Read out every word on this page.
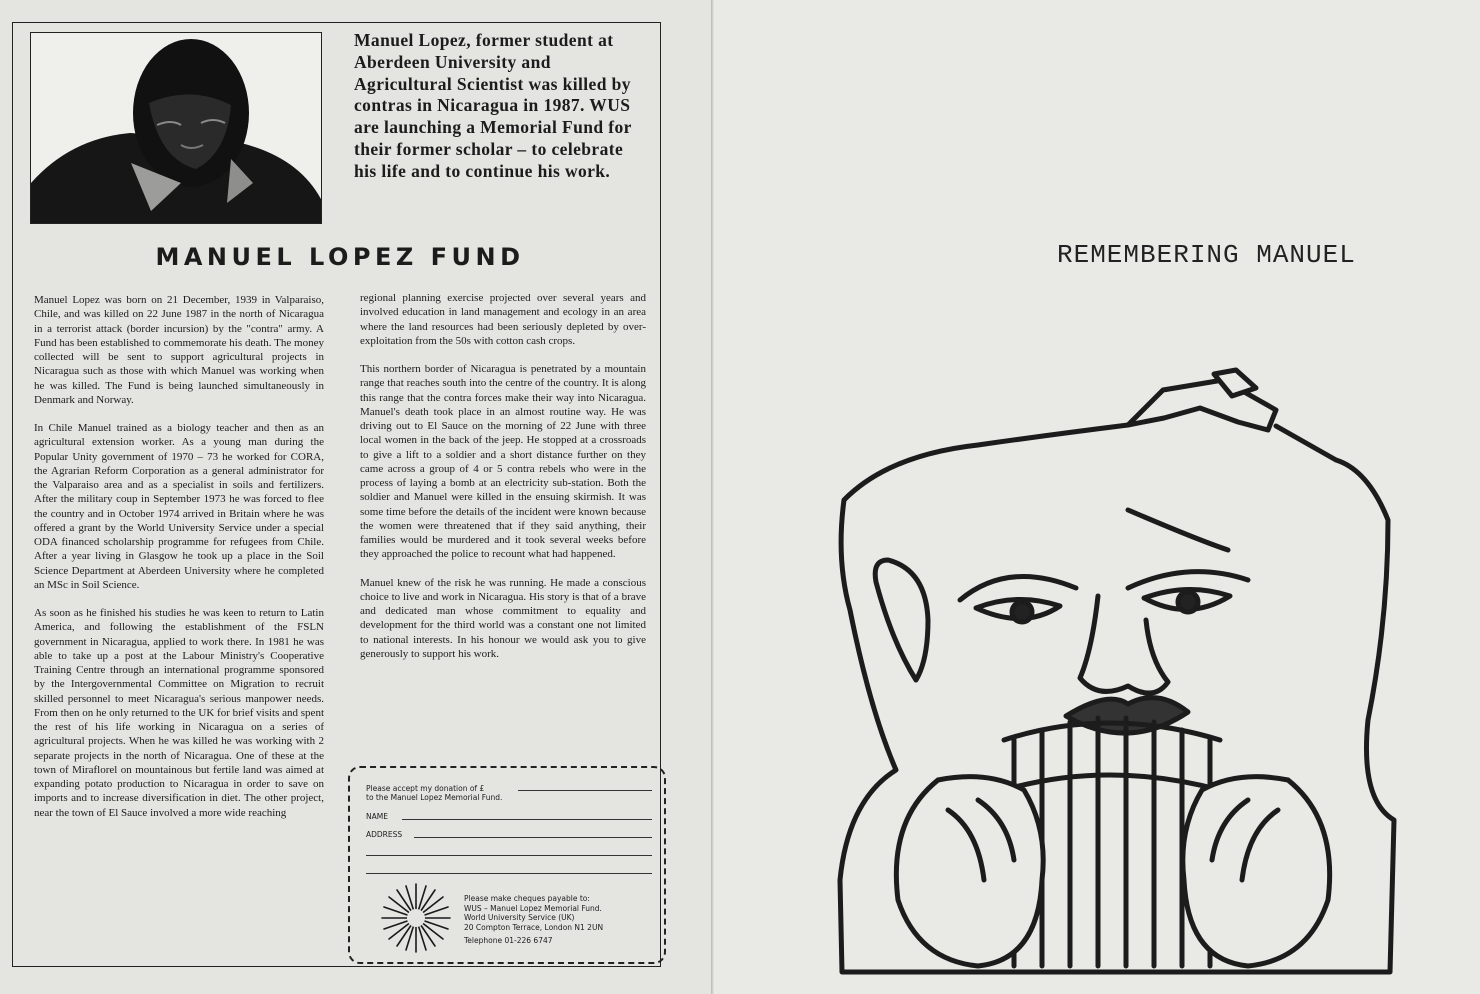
Manuel Lopez, former student at Aberdeen University and Agricultural Scientist was killed by contras in Nicaragua in 1987. WUS are launching a Memorial Fund for their former scholar – to celebrate his life and to continue his work.
MANUEL LOPEZ FUND

Manuel Lopez was born on 21 December, 1939 in Valparaiso, Chile, and was killed on 22 June 1987 in the north of Nicaragua in a terrorist attack (border incursion) by the "contra" army. A Fund has been established to commemorate his death. The money collected will be sent to support agricultural projects in Nicaragua such as those with which Manuel was working when he was killed. The Fund is being launched simultaneously in Denmark and Norway.

In Chile Manuel trained as a biology teacher and then as an agricultural extension worker. As a young man during the Popular Unity government of 1970 – 73 he worked for CORA, the Agrarian Reform Corporation as a general administrator for the Valparaiso area and as a specialist in soils and fertilizers. After the military coup in September 1973 he was forced to flee the country and in October 1974 arrived in Britain where he was offered a grant by the World University Service under a special ODA financed scholarship programme for refugees from Chile. After a year living in Glasgow he took up a place in the Soil Science Department at Aberdeen University where he completed an MSc in Soil Science.

As soon as he finished his studies he was keen to return to Latin America, and following the establishment of the FSLN government in Nicaragua, applied to work there. In 1981 he was able to take up a post at the Labour Ministry's Cooperative Training Centre through an international programme sponsored by the Intergovernmental Committee on Migration to recruit skilled personnel to meet Nicaragua's serious manpower needs. From then on he only returned to the UK for brief visits and spent the rest of his life working in Nicaragua on a series of agricultural projects. When he was killed he was working with 2 separate projects in the north of Nicaragua. One of these at the town of Miraflorel on mountainous but fertile land was aimed at expanding potato production to Nicaragua in order to save on imports and to increase diversification in diet. The other project, near the town of El Sauce involved a more wide reaching

regional planning exercise projected over several years and involved education in land management and ecology in an area where the land resources had been seriously depleted by over-exploitation from the 50s with cotton cash crops.

This northern border of Nicaragua is penetrated by a mountain range that reaches south into the centre of the country. It is along this range that the contra forces make their way into Nicaragua. Manuel's death took place in an almost routine way. He was driving out to El Sauce on the morning of 22 June with three local women in the back of the jeep. He stopped at a crossroads to give a lift to a soldier and a short distance further on they came across a group of 4 or 5 contra rebels who were in the process of laying a bomb at an electricity sub-station. Both the soldier and Manuel were killed in the ensuing skirmish. It was some time before the details of the incident were known because the women were threatened that if they said anything, their families would be murdered and it took several weeks before they approached the police to recount what had happened.

Manuel knew of the risk he was running. He made a conscious choice to live and work in Nicaragua. His story is that of a brave and dedicated man whose commitment to equality and development for the third world was a constant one not limited to national interests. In his honour we would ask you to give generously to support his work.

Please accept my donation of £
to the Manuel Lopez Memorial Fund.
NAME
ADDRESS
Please make cheques payable to:
WUS – Manuel Lopez Memorial Fund.
World University Service (UK)
20 Compton Terrace, London N1 2UN
Telephone 01-226 6747
REMEMBERING MANUEL
